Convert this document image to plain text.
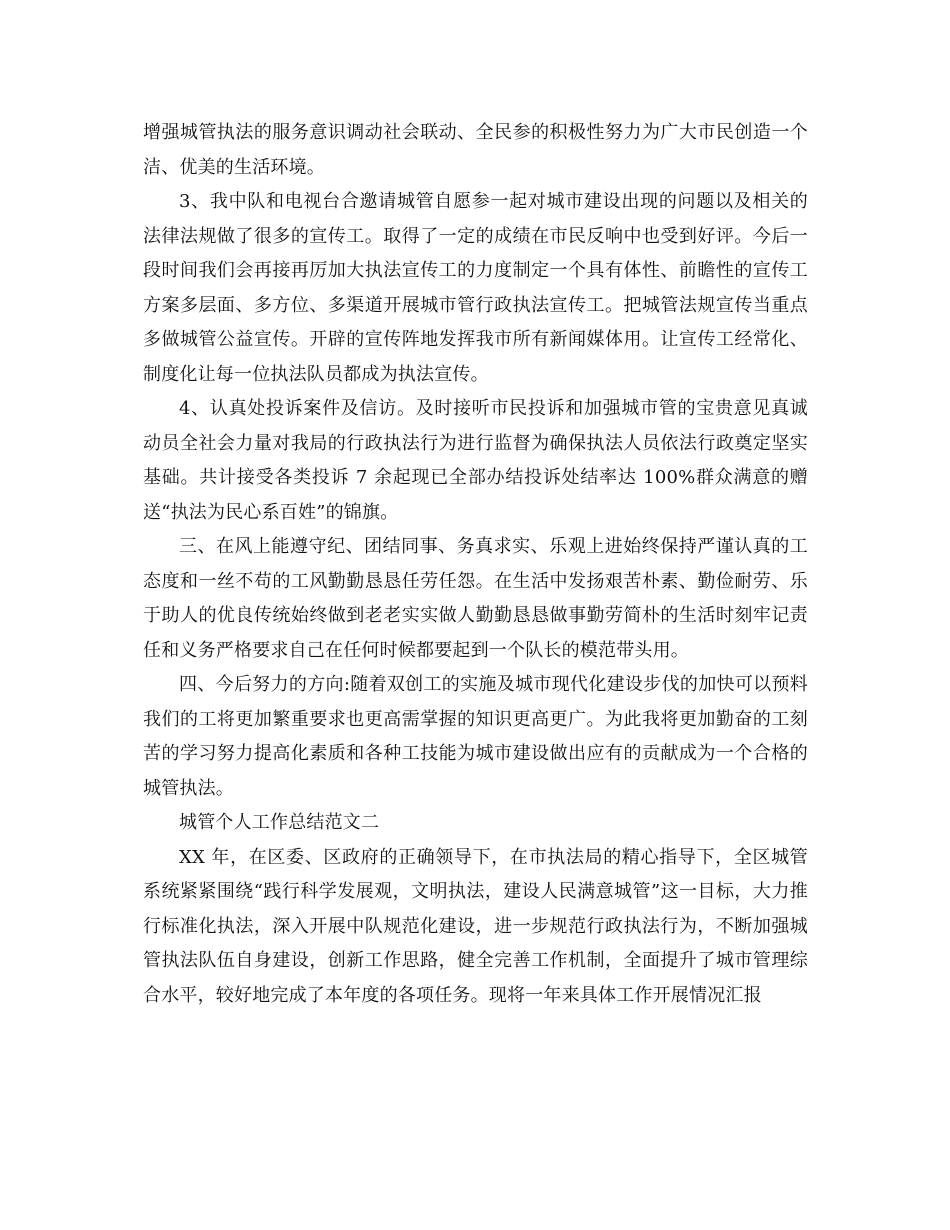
增强城管执法的服务意识调动社会联动、全民参的积极性努力为广大市民创造一个洁、优美的生活环境。

3、我中队和电视台合邀请城管自愿参一起对城市建设出现的问题以及相关的法律法规做了很多的宣传工。取得了一定的成绩在市民反响中也受到好评。今后一段时间我们会再接再厉加大执法宣传工的力度制定一个具有体性、前瞻性的宣传工方案多层面、多方位、多渠道开展城市管行政执法宣传工。把城管法规宣传当重点多做城管公益宣传。开辟的宣传阵地发挥我市所有新闻媒体用。让宣传工经常化、制度化让每一位执法队员都成为执法宣传。

4、认真处投诉案件及信访。及时接听市民投诉和加强城市管的宝贵意见真诚动员全社会力量对我局的行政执法行为进行监督为确保执法人员依法行政奠定坚实基础。共计接受各类投诉 7 余起现已全部办结投诉处结率达 100%群众满意的赠送“执法为民心系百姓”的锦旗。

三、在风上能遵守纪、团结同事、务真求实、乐观上进始终保持严谨认真的工态度和一丝不苟的工风勤勤恳恳任劳任怨。在生活中发扬艰苦朴素、勤俭耐劳、乐于助人的优良传统始终做到老老实实做人勤勤恳恳做事勤劳简朴的生活时刻牢记责任和义务严格要求自己在任何时候都要起到一个队长的模范带头用。

四、今后努力的方向:随着双创工的实施及城市现代化建设步伐的加快可以预料我们的工将更加繁重要求也更高需掌握的知识更高更广。为此我将更加勤奋的工刻苦的学习努力提高化素质和各种工技能为城市建设做出应有的贡献成为一个合格的城管执法。

城管个人工作总结范文二

XX 年，在区委、区政府的正确领导下，在市执法局的精心指导下，全区城管系统紧紧围绕“践行科学发展观，文明执法，建设人民满意城管”这一目标，大力推行标准化执法，深入开展中队规范化建设，进一步规范行政执法行为，不断加强城管执法队伍自身建设，创新工作思路，健全完善工作机制，全面提升了城市管理综合水平，较好地完成了本年度的各项任务。现将一年来具体工作开展情况汇报
